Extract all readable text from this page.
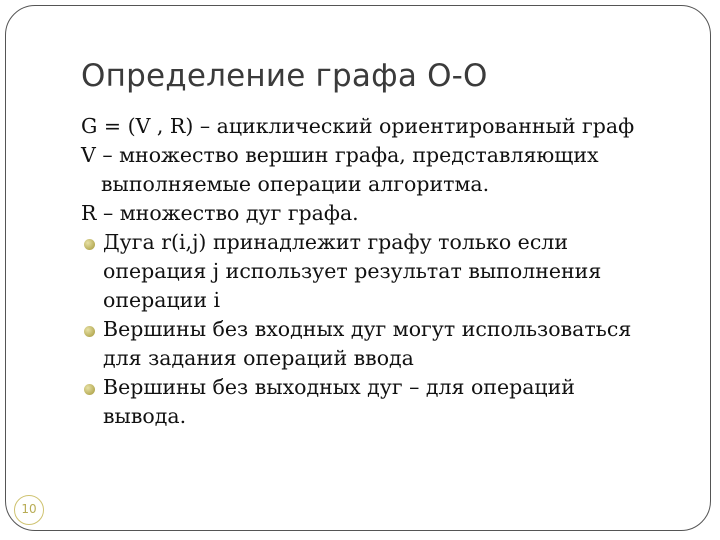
Определение графа О-О
G = (V , R) – ациклический ориентированный граф
V – множество вершин графа, представляющих
выполняемые операции алгоритма.
R – множество дуг графа.
Дуга r(i,j) принадлежит графу только если
операция j использует результат выполнения
операции i
Вершины без входных дуг могут использоваться
для задания операций ввода
Вершины без выходных дуг – для операций
вывода.
10
